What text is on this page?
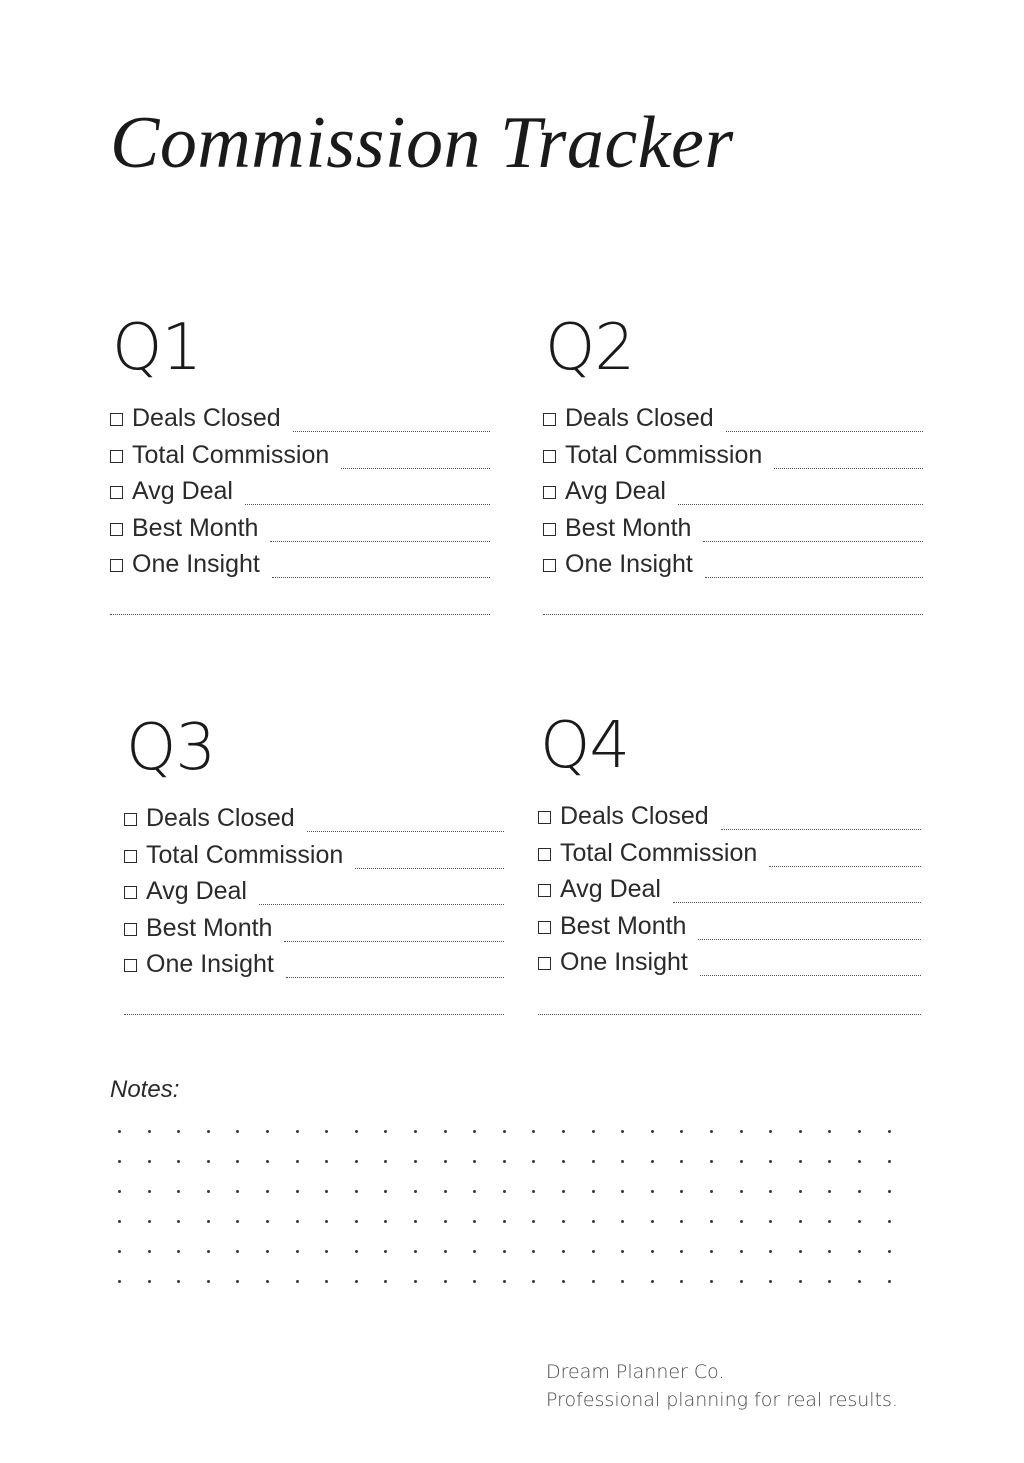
Commission Tracker
Q1
Deals Closed
Total Commission
Avg Deal
Best Month
One Insight
Q2
Deals Closed
Total Commission
Avg Deal
Best Month
One Insight
Q3
Deals Closed
Total Commission
Avg Deal
Best Month
One Insight
Q4
Deals Closed
Total Commission
Avg Deal
Best Month
One Insight
Notes:
Dream Planner Co.
Professional planning for real results.
